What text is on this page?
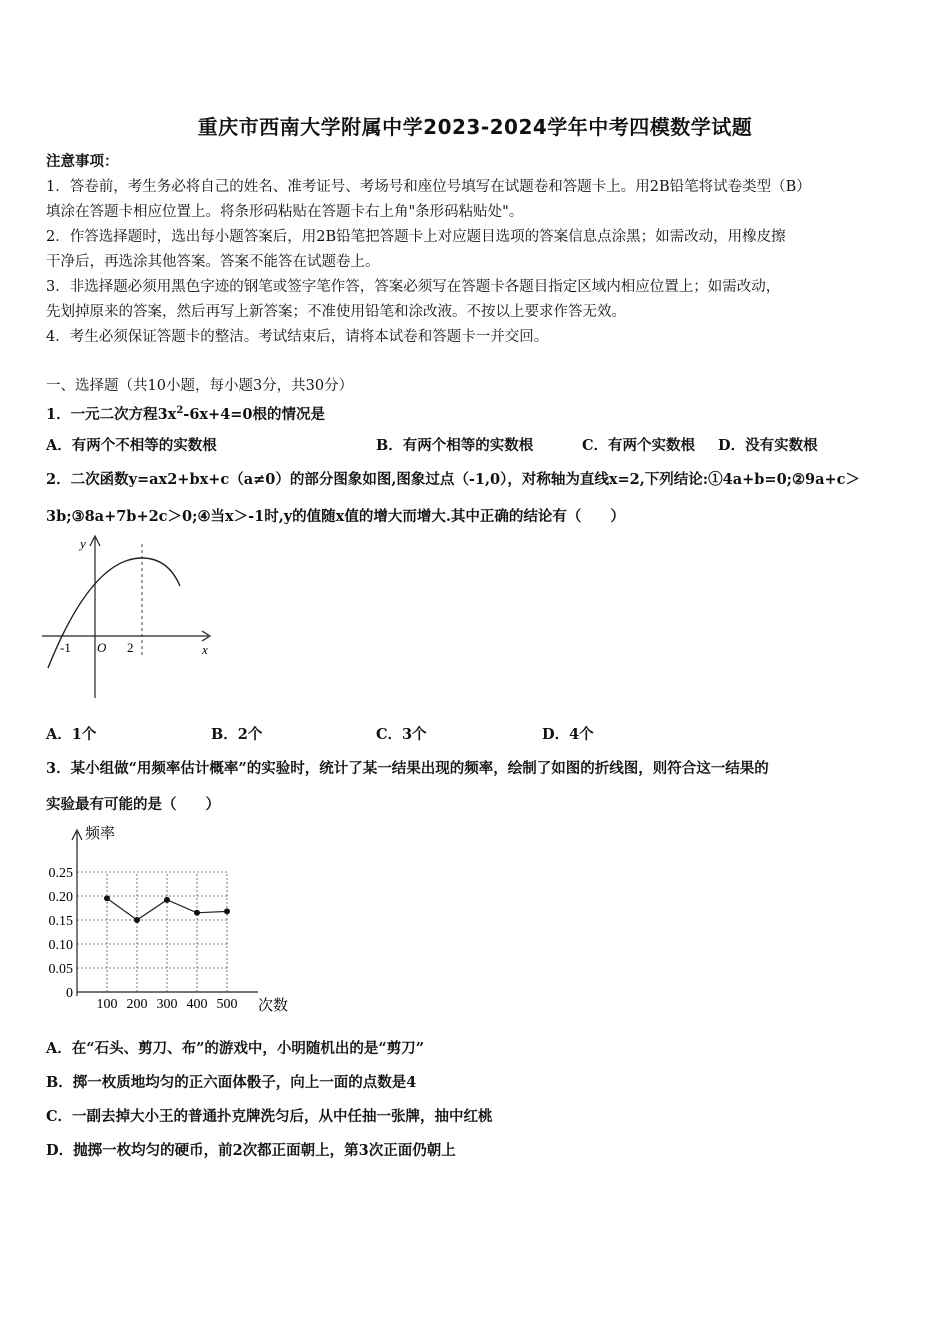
重庆市西南大学附属中学2023-2024学年中考四模数学试题
注意事项：
1．答卷前，考生务必将自己的姓名、准考证号、考场号和座位号填写在试题卷和答题卡上。用2B铅笔将试卷类型（B）
填涂在答题卡相应位置上。将条形码粘贴在答题卡右上角"条形码粘贴处"。
2．作答选择题时，选出每小题答案后，用2B铅笔把答题卡上对应题目选项的答案信息点涂黑；如需改动，用橡皮擦
干净后，再选涂其他答案。答案不能答在试题卷上。
3．非选择题必须用黑色字迹的钢笔或签字笔作答，答案必须写在答题卡各题目指定区域内相应位置上；如需改动，
先划掉原来的答案，然后再写上新答案；不准使用铅笔和涂改液。不按以上要求作答无效。
4．考生必须保证答题卡的整洁。考试结束后，请将本试卷和答题卡一并交回。
一、选择题（共10小题，每小题3分，共30分）
1．一元二次方程$3x^2-6x+4=0$根的情况是
A．有两个不相等的实数根	B．有两个相等的实数根	C．有两个实数根 D．没有实数根
2．二次函数y=ax2+bx+c（a≠0）的部分图象如图,图象过点（-1,0），对称轴为直线x=2,下列结论:①4a+b=0;②9a+c＞
3b;③8a+7b+2c＞0;④当x＞-1时,y的值随x值的增大而增大.其中正确的结论有（　　）
y
x
O
-1	2
A．1个	B．2个	C．3个	D．4个
3．某小组做“用频率估计概率”的实验时，统计了某一结果出现的频率，绘制了如图的折线图，则符合这一结果的
实验最有可能的是（　　）
频率
次数
0
0.05
0.10
0.15
0.20
0.25
100 200 300 400 500
A．在“石头、剪刀、布”的游戏中，小明随机出的是“剪刀”
B．掷一枚质地均匀的正六面体骰子，向上一面的点数是4
C．一副去掉大小王的普通扑克牌洗匀后，从中任抽一张牌，抽中红桃
D．抛掷一枚均匀的硬币，前2次都正面朝上，第3次正面仍朝上
